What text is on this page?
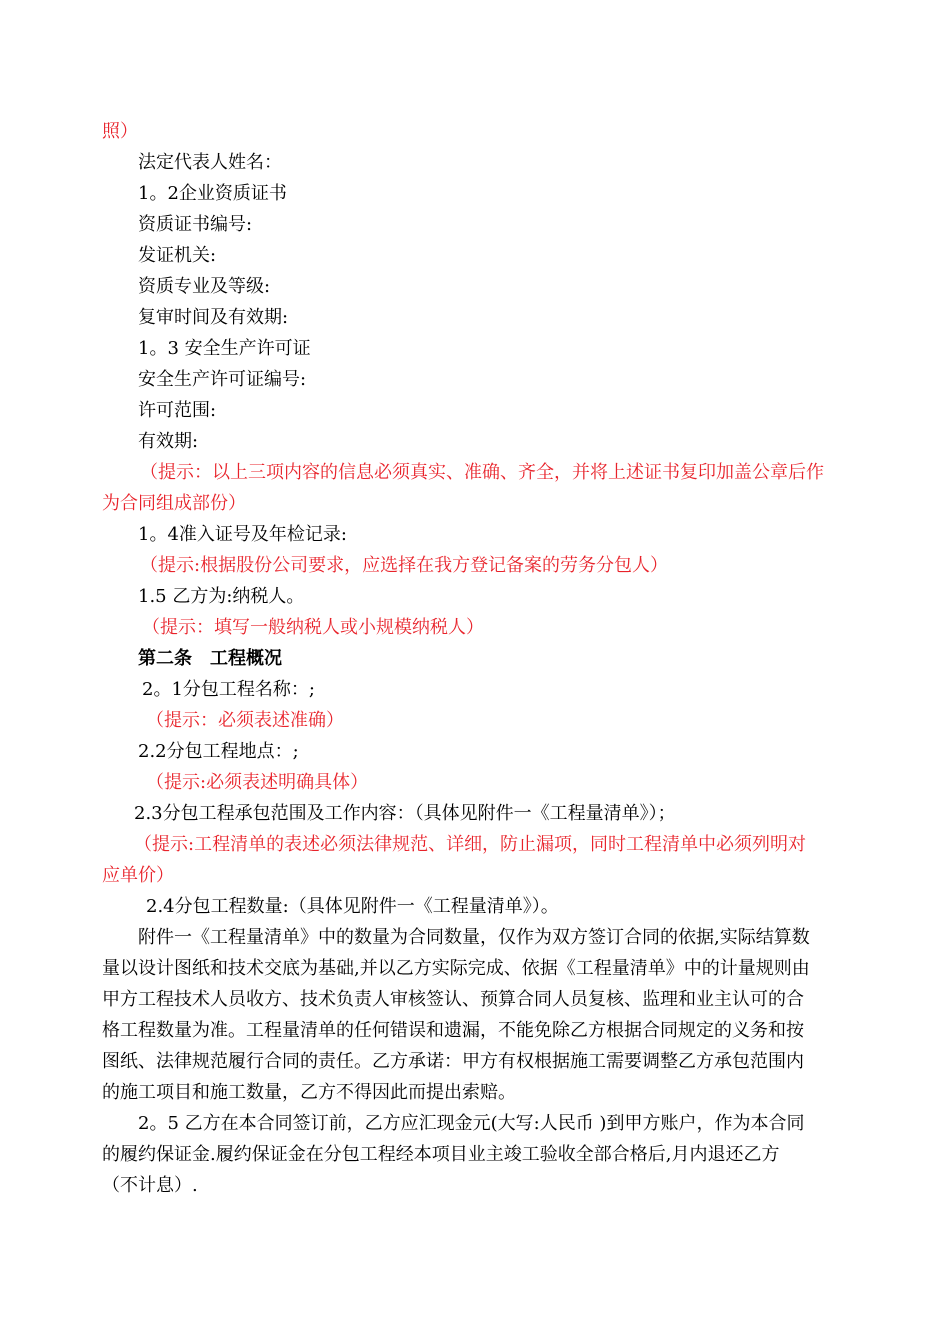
照）
法定代表人姓名：
1。2企业资质证书
资质证书编号:
发证机关:
资质专业及等级:
复审时间及有效期:
1。3 安全生产许可证
安全生产许可证编号:
许可范围:
有效期:
（提示：以上三项内容的信息必须真实、准确、齐全，并将上述证书复印加盖公章后作
为合同组成部份）
1。4准入证号及年检记录:
（提示:根据股份公司要求，应选择在我方登记备案的劳务分包人）
1.5 乙方为:纳税人。
（提示：填写一般纳税人或小规模纳税人）
第二条　工程概况
2。1分包工程名称：;
（提示：必须表述准确）
2.2分包工程地点：;
（提示:必须表述明确具体）
2.3分包工程承包范围及工作内容：（具体见附件一《工程量清单》）；
（提示:工程清单的表述必须法律规范、详细，防止漏项，同时工程清单中必须列明对
应单价）
2.4分包工程数量:（具体见附件一《工程量清单》）。
附件一《工程量清单》中的数量为合同数量，仅作为双方签订合同的依据,实际结算数
量以设计图纸和技术交底为基础,并以乙方实际完成、依据《工程量清单》中的计量规则由
甲方工程技术人员收方、技术负责人审核签认、预算合同人员复核、监理和业主认可的合
格工程数量为准。工程量清单的任何错误和遗漏，不能免除乙方根据合同规定的义务和按
图纸、法律规范履行合同的责任。乙方承诺：甲方有权根据施工需要调整乙方承包范围内
的施工项目和施工数量，乙方不得因此而提出索赔。
2。5 乙方在本合同签订前，乙方应汇现金元(大写:人民币 )到甲方账户，作为本合同
的履约保证金.履约保证金在分包工程经本项目业主竣工验收全部合格后,月内退还乙方
（不计息）.
